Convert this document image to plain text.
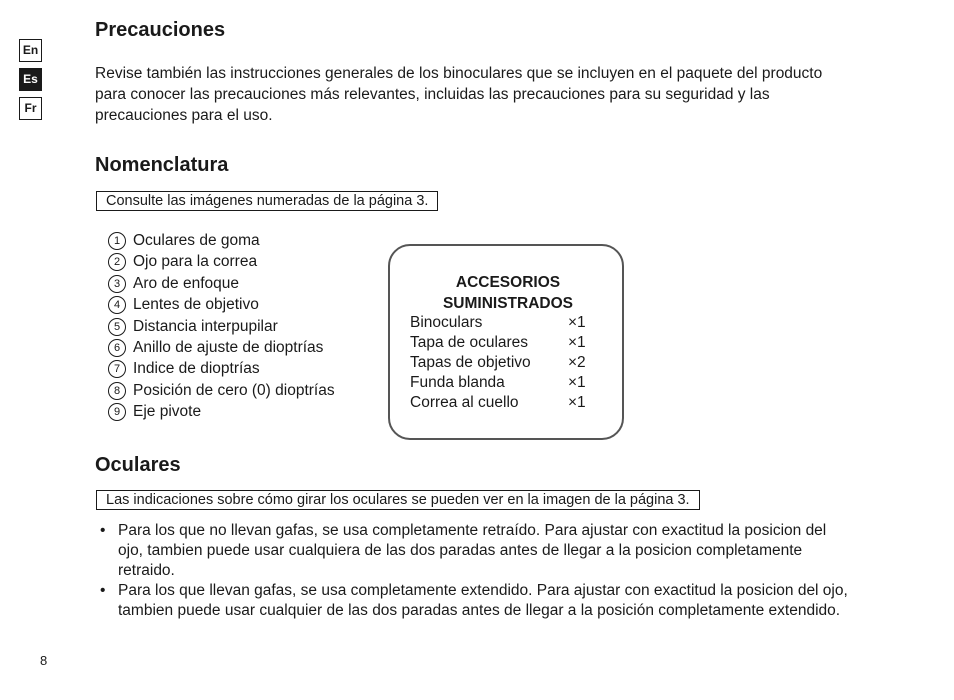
En
Es
Fr
Precauciones

Revise también las instrucciones generales de los binoculares que se incluyen en el paquete del producto
para conocer las precauciones más relevantes, incluidas las precauciones para su seguridad y las
precauciones para el uso.

Nomenclatura
Consulte las imágenes numeradas de la página 3.
1 Oculares de goma
2 Ojo para la correa
3 Aro de enfoque
4 Lentes de objetivo
5 Distancia interpupilar
6 Anillo de ajuste de dioptrías
7 Indice de dioptrías
8 Posición de cero (0) dioptrías
9 Eje pivote
ACCESORIOS
SUMINISTRADOS
Binoculars	×1
Tapa de oculares	×1
Tapas de objetivo ×2
Funda blanda	×1
Correa al cuello	×1
Oculares
Las indicaciones sobre cómo girar los oculares se pueden ver en la imagen de la página 3.
• Para los que no llevan gafas, se usa completamente retraído. Para ajustar con exactitud la posicion del
ojo, tambien puede usar cualquiera de las dos paradas antes de llegar a la posicion completamente
retraido.
• Para los que llevan gafas, se usa completamente extendido. Para ajustar con exactitud la posicion del ojo,
tambien puede usar cualquier de las dos paradas antes de llegar a la posición completamente extendido.
8
